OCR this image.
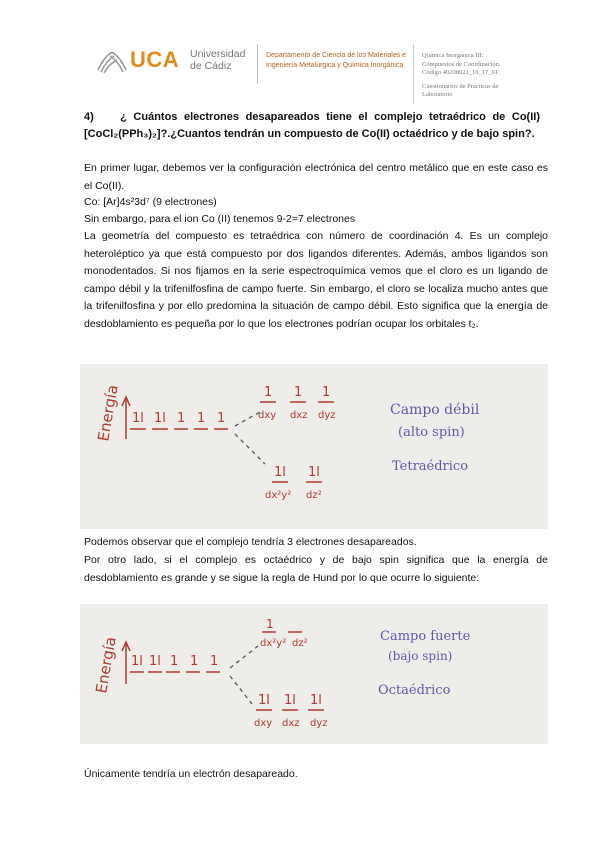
UCA Universidad
de Cádiz
Departamento de Ciencia de los Materiales e Ingeniería Metalúrgica y Química Inorgánica
Química Inorgánica III:
Compuestos de Coordinación.
Código 40208021_16_17_01.
Cuestionarios de Prácticas de
Laboratorio
4) ¿ Cuántos electrones desapareados tiene el complejo tetraédrico de Co(II) [CoCl₂(PPh₃)₂]?.¿Cuantos tendrán un compuesto de Co(II) octaédrico y de bajo spin?.
En primer lugar, debemos ver la configuración electrónica del centro metálico que en este caso es el Co(II).
Co: [Ar]4s²3d⁷ (9 electrones)
Sin embargo, para el ion Co (II) tenemos 9-2=7 electrones
La geometría del compuesto es tetraédrica con número de coordinación 4. Es un complejo heteroléptico ya que está compuesto por dos ligandos diferentes. Además, ambos ligandos son monodentados. Si nos fijamos en la serie espectroquímica vemos que el cloro es un ligando de campo débil y la trifenilfosfina de campo fuerte. Sin embargo, el cloro se localiza mucho antes que la trifenilfosfina y por ello predomina la situación de campo débil. Esto significa que la energía de desdoblamiento es pequeña por lo que los electrones podrían ocupar los orbitales t₂.
Energía 1l 1l 1 1 1
1 1 1
dxy dxz dyz
1l 1l
dx²y² dz²
Campo débil
(alto spin)
Tetraédrico
Podemos observar que el complejo tendría 3 electrones desapareados.
Por otro lado, si el complejo es octaédrico y de bajo spin significa que la energía de desdoblamiento es grande y se sigue la regla de Hund por lo que ocurre lo siguiente:
Energía 1l 1l 1 1 1
1
dx²y² dz²
1l 1l 1l
dxy dxz dyz
Campo fuerte
(bajo spin)
Octaédrico
Únicamente tendría un electrón desapareado.
